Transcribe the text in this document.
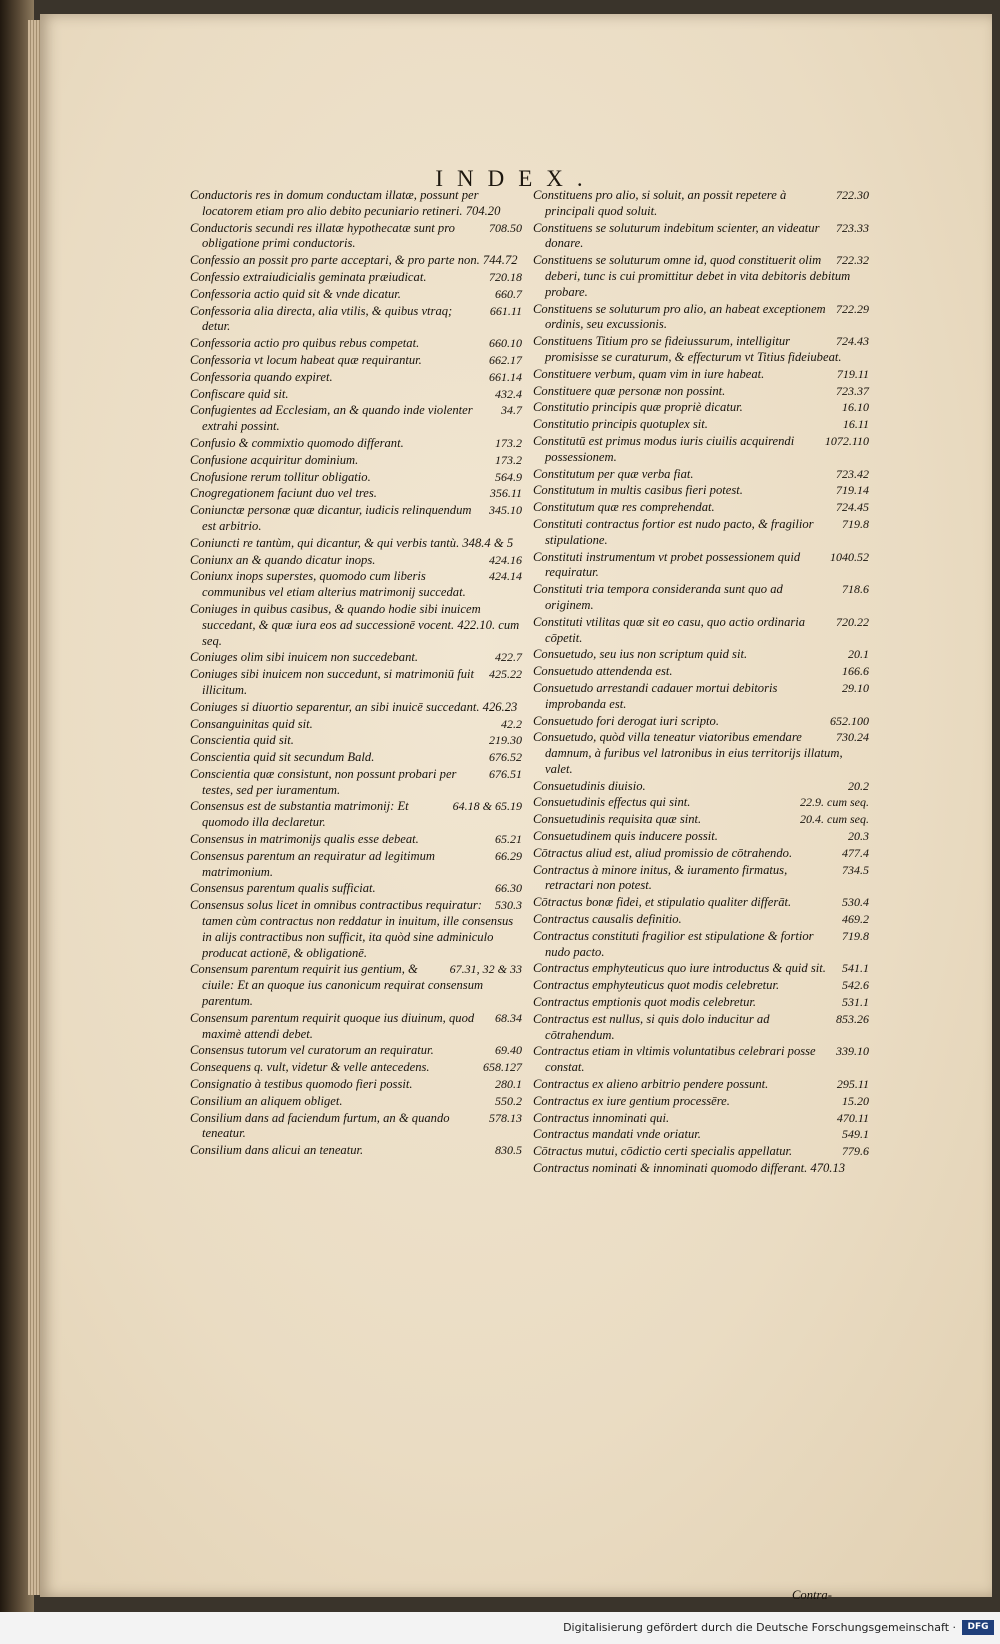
INDEX.
Conductoris res in domum conductam illatæ, possunt per locatorem etiam pro alio debito pecuniario retineri. 704.20
708.50
Conductoris secundi res illatæ hypothecatæ sunt pro obligatione primi conductoris.
Confessio an possit pro parte acceptari, & pro parte non. 744.72
720.18
Confessio extraiudicialis geminata præiudicat.
660.7
Confessoria actio quid sit & vnde dicatur.
661.11
Confessoria alia directa, alia vtilis, & quibus vtraq; detur.
660.10
Confessoria actio pro quibus rebus competat.
662.17
Confessoria vt locum habeat quæ requirantur.
661.14
Confessoria quando expiret.
432.4
Confiscare quid sit.
34.7
Confugientes ad Ecclesiam, an & quando inde violenter extrahi possint.
173.2
Confusio & commixtio quomodo differant.
173.2
Confusione acquiritur dominium.
564.9
Cnofusione rerum tollitur obligatio.
356.11
Cnogregationem faciunt duo vel tres.
345.10
Coniunctæ personæ quæ dicantur, iudicis relinquendum est arbitrio.
Coniuncti re tantùm, qui dicantur, & qui verbis tantù. 348.4 & 5
424.16
Coniunx an & quando dicatur inops.
424.14
Coniunx inops superstes, quomodo cum liberis communibus vel etiam alterius matrimonij succedat.
Coniuges in quibus casibus, & quando hodie sibi inuicem succedant, & quæ iura eos ad successionē vocent. 422.10. cum seq.
422.7
Coniuges olim sibi inuicem non succedebant.
425.22
Coniuges sibi inuicem non succedunt, si matrimoniū fuit illicitum.
Coniuges si diuortio separentur, an sibi inuicē succedant. 426.23
42.2
Consanguinitas quid sit.
219.30
Conscientia quid sit.
676.52
Conscientia quid sit secundum Bald.
676.51
Conscientia quæ consistunt, non possunt probari per testes, sed per iuramentum.
64.18 & 65.19
Consensus est de substantia matrimonij: Et quomodo illa declaretur.
65.21
Consensus in matrimonijs qualis esse debeat.
66.29
Consensus parentum an requiratur ad legitimum matrimonium.
66.30
Consensus parentum qualis sufficiat.
530.3
Consensus solus licet in omnibus contractibus requiratur: tamen cùm contractus non reddatur in inuitum, ille consensus in alijs contractibus non sufficit, ita quòd sine adminiculo producat actionē, & obligationē.
67.31, 32 & 33
Consensum parentum requirit ius gentium, & ciuile: Et an quoque ius canonicum requirat consensum parentum.
68.34
Consensum parentum requirit quoque ius diuinum, quod maximè attendi debet.
69.40
Consensus tutorum vel curatorum an requiratur.
658.127
Consequens q. vult, videtur & velle antecedens.
280.1
Consignatio à testibus quomodo fieri possit.
550.2
Consilium an aliquem obliget.
578.13
Consilium dans ad faciendum furtum, an & quando teneatur.
830.5
Consilium dans alicui an teneatur.
722.30
Constituens pro alio, si soluit, an possit repetere à principali quod soluit.
723.33
Constituens se soluturum indebitum scienter, an videatur donare.
722.32
Constituens se soluturum omne id, quod constituerit olim deberi, tunc is cui promittitur debet in vita debitoris debitum probare.
722.29
Constituens se soluturum pro alio, an habeat exceptionem ordinis, seu excussionis.
724.43
Constituens Titium pro se fideiussurum, intelligitur promisisse se curaturum, & effecturum vt Titius fideiubeat.
719.11
Constituere verbum, quam vim in iure habeat.
723.37
Constituere quæ personæ non possint.
16.10
Constitutio principis quæ propriè dicatur.
16.11
Constitutio principis quotuplex sit.
1072.110
Constitutū est primus modus iuris ciuilis acquirendi possessionem.
723.42
Constitutum per quæ verba fiat.
719.14
Constitutum in multis casibus fieri potest.
724.45
Constitutum quæ res comprehendat.
719.8
Constituti contractus fortior est nudo pacto, & fragilior stipulatione.
1040.52
Constituti instrumentum vt probet possessionem quid requiratur.
718.6
Constituti tria tempora consideranda sunt quo ad originem.
720.22
Constituti vtilitas quæ sit eo casu, quo actio ordinaria cōpetit.
20.1
Consuetudo, seu ius non scriptum quid sit.
166.6
Consuetudo attendenda est.
29.10
Consuetudo arrestandi cadauer mortui debitoris improbanda est.
652.100
Consuetudo fori derogat iuri scripto.
730.24
Consuetudo, quòd villa teneatur viatoribus emendare damnum, à furibus vel latronibus in eius territorijs illatum, valet.
20.2
Consuetudinis diuisio.
22.9. cum seq.
Consuetudinis effectus qui sint.
20.4. cum seq.
Consuetudinis requisita quæ sint.
20.3
Consuetudinem quis inducere possit.
477.4
Cōtractus aliud est, aliud promissio de cōtrahendo.
734.5
Contractus à minore initus, & iuramento firmatus, retractari non potest.
530.4
Cōtractus bonæ fidei, et stipulatio qualiter differāt.
469.2
Contractus causalis definitio.
719.8
Contractus constituti fragilior est stipulatione & fortior nudo pacto.
541.1
Contractus emphyteuticus quo iure introductus & quid sit.
542.6
Contractus emphyteuticus quot modis celebretur.
531.1
Contractus emptionis quot modis celebretur.
853.26
Contractus est nullus, si quis dolo inducitur ad cōtrahendum.
339.10
Contractus etiam in vltimis voluntatibus celebrari posse constat.
295.11
Contractus ex alieno arbitrio pendere possunt.
15.20
Contractus ex iure gentium processēre.
470.11
Contractus innominati qui.
549.1
Contractus mandati vnde oriatur.
779.6
Cōtractus mutui, cōdictio certi specialis appellatur.
Contractus nominati & innominati quomodo differant. 470.13
Contra-
Digitalisierung gefördert durch die Deutsche Forschungsgemeinschaft ·	DFG
